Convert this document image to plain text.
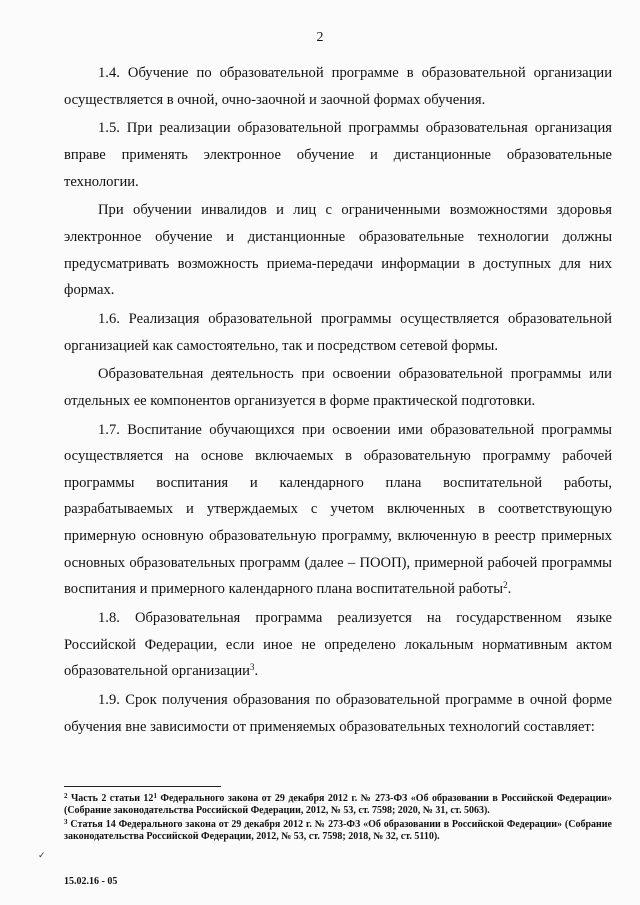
2

1.4. Обучение по образовательной программе в образовательной организации осуществляется в очной, очно-заочной и заочной формах обучения.

1.5. При реализации образовательной программы образовательная организация вправе применять электронное обучение и дистанционные образовательные технологии.

При обучении инвалидов и лиц с ограниченными возможностями здоровья электронное обучение и дистанционные образовательные технологии должны предусматривать возможность приема-передачи информации в доступных для них формах.

1.6. Реализация образовательной программы осуществляется образовательной организацией как самостоятельно, так и посредством сетевой формы.

Образовательная деятельность при освоении образовательной программы или отдельных ее компонентов организуется в форме практической подготовки.

1.7. Воспитание обучающихся при освоении ими образовательной программы осуществляется на основе включаемых в образовательную программу рабочей программы воспитания и календарного плана воспитательной работы, разрабатываемых и утверждаемых с учетом включенных в соответствующую примерную основную образовательную программу, включенную в реестр примерных основных образовательных программ (далее – ПООП), примерной рабочей программы воспитания и примерного календарного плана воспитательной работы$^2$.

1.8. Образовательная программа реализуется на государственном языке Российской Федерации, если иное не определено локальным нормативным актом образовательной организации$^3$.

1.9. Срок получения образования по образовательной программе в очной форме обучения вне зависимости от применяемых образовательных технологий составляет:

$^2$ Часть 2 статьи $12^1$ Федерального закона от 29 декабря 2012 г. № 273-ФЗ «Об образовании в Российской Федерации» (Собрание законодательства Российской Федерации, 2012, № 53, ст. 7598; 2020, № 31, ст. 5063).

$^3$ Статья 14 Федерального закона от 29 декабря 2012 г. № 273-ФЗ «Об образовании в Российской Федерации» (Собрание законодательства Российской Федерации, 2012, № 53, ст. 7598; 2018, № 32, ст. 5110).

✓
15.02.16 - 05
